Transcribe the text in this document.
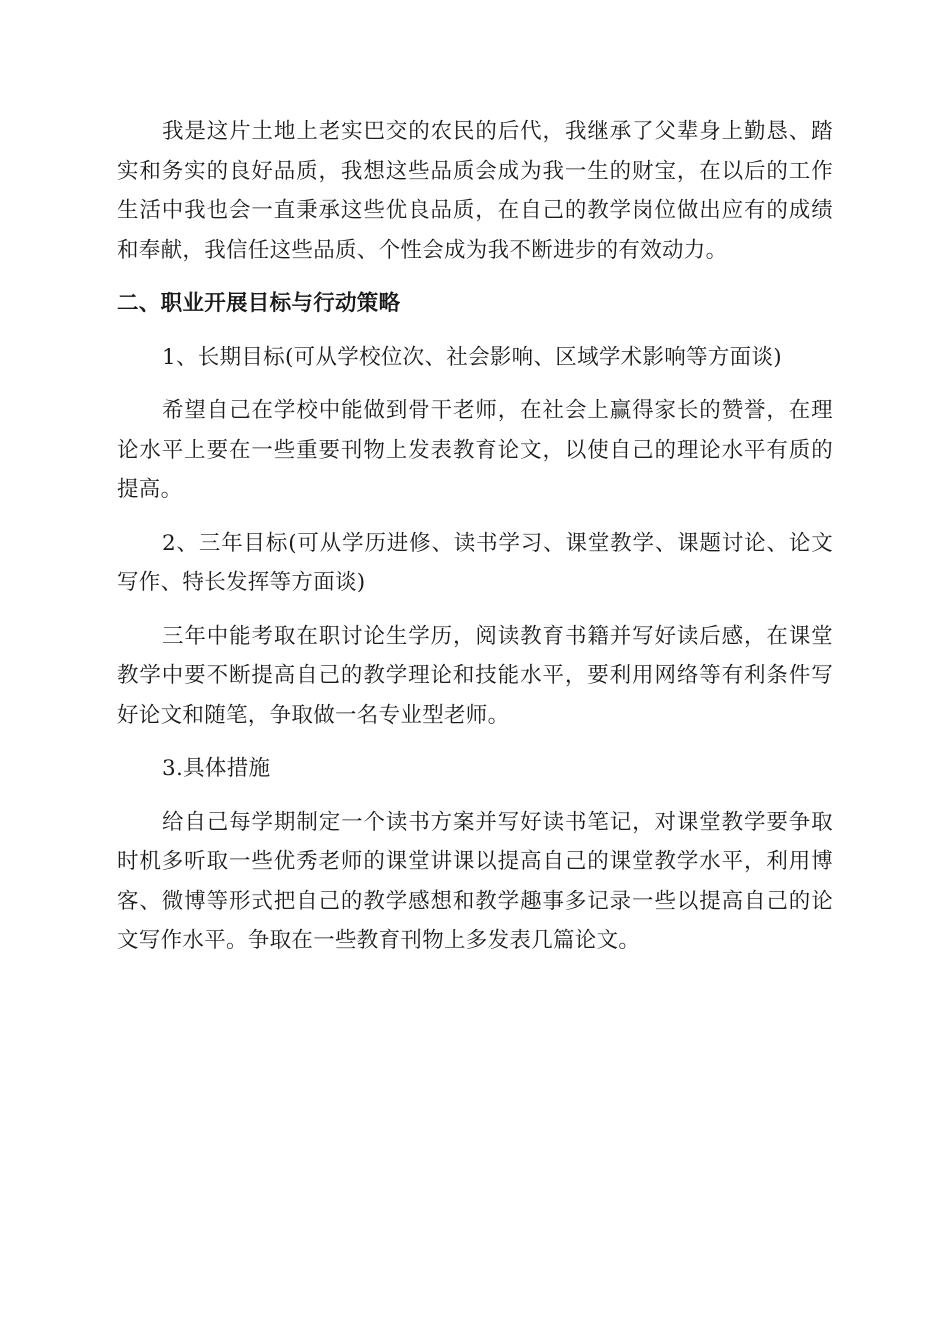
我是这片土地上老实巴交的农民的后代，我继承了父辈身上勤恳、踏实和务实的良好品质，我想这些品质会成为我一生的财宝，在以后的工作生活中我也会一直秉承这些优良品质，在自己的教学岗位做出应有的成绩和奉献，我信任这些品质、个性会成为我不断进步的有效动力。

二、职业开展目标与行动策略

1、长期目标(可从学校位次、社会影响、区域学术影响等方面谈)

希望自己在学校中能做到骨干老师，在社会上赢得家长的赞誉，在理论水平上要在一些重要刊物上发表教育论文，以使自己的理论水平有质的提高。

2、三年目标(可从学历进修、读书学习、课堂教学、课题讨论、论文写作、特长发挥等方面谈)

三年中能考取在职讨论生学历，阅读教育书籍并写好读后感，在课堂教学中要不断提高自己的教学理论和技能水平，要利用网络等有利条件写好论文和随笔，争取做一名专业型老师。

3.具体措施

给自己每学期制定一个读书方案并写好读书笔记，对课堂教学要争取时机多听取一些优秀老师的课堂讲课以提高自己的课堂教学水平，利用博客、微博等形式把自己的教学感想和教学趣事多记录一些以提高自己的论文写作水平。争取在一些教育刊物上多发表几篇论文。
